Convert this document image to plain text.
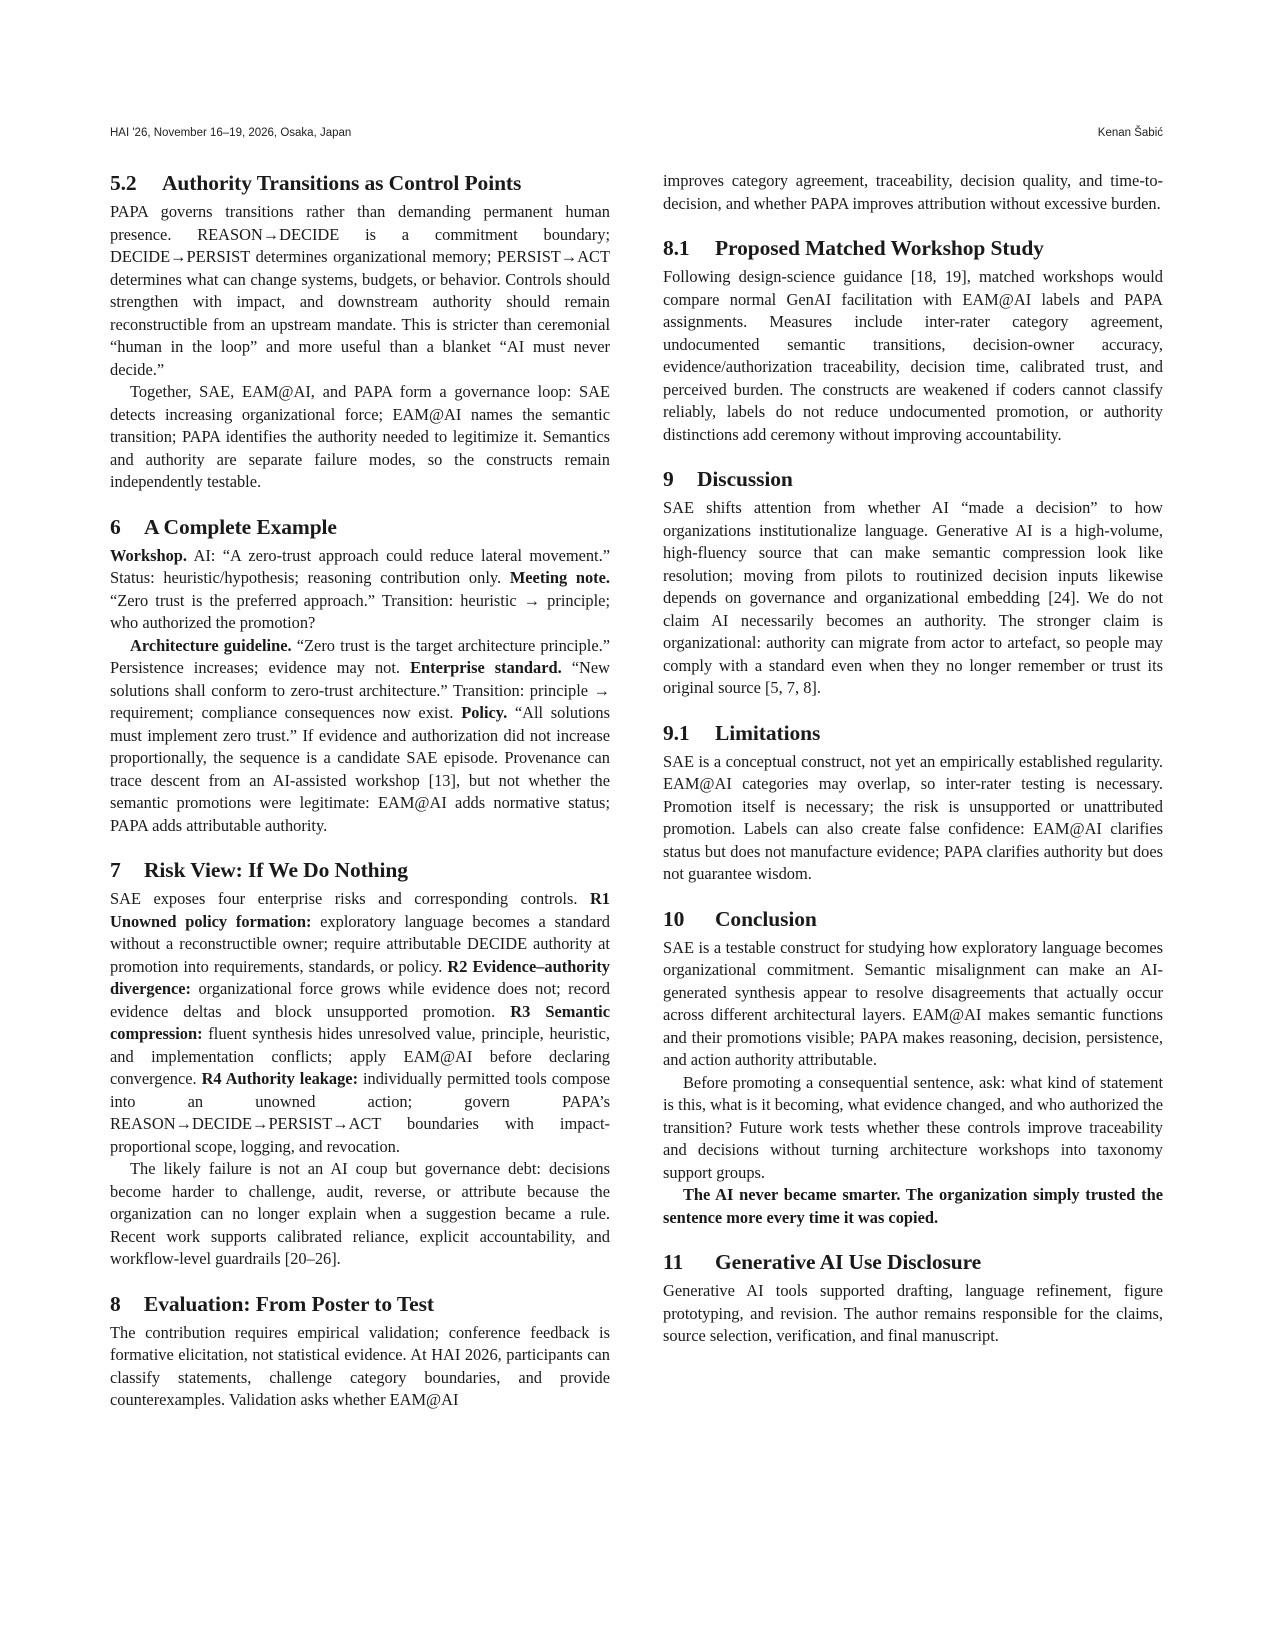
HAI '26, November 16–19, 2026, Osaka, Japan	Kenan Šabić
5.2 Authority Transitions as Control Points

PAPA governs transitions rather than demanding permanent human presence. REASON→DECIDE is a commitment boundary; DECIDE→PERSIST determines organizational memory; PERSIST→ACT determines what can change systems, budgets, or behavior. Controls should strengthen with impact, and downstream authority should remain reconstructible from an upstream mandate. This is stricter than ceremonial “human in the loop” and more useful than a blanket “AI must never decide.”

Together, SAE, EAM@AI, and PAPA form a governance loop: SAE detects increasing organizational force; EAM@AI names the semantic transition; PAPA identifies the authority needed to legitimize it. Semantics and authority are separate failure modes, so the constructs remain independently testable.

6 A Complete Example

Workshop. AI: “A zero-trust approach could reduce lateral movement.” Status: heuristic/hypothesis; reasoning contribution only. Meeting note. “Zero trust is the preferred approach.” Transition: heuristic → principle; who authorized the promotion?

Architecture guideline. “Zero trust is the target architecture principle.” Persistence increases; evidence may not. Enterprise standard. “New solutions shall conform to zero-trust architecture.” Transition: principle → requirement; compliance consequences now exist. Policy. “All solutions must implement zero trust.” If evidence and authorization did not increase proportionally, the sequence is a candidate SAE episode. Provenance can trace descent from an AI-assisted workshop [13], but not whether the semantic promotions were legitimate: EAM@AI adds normative status; PAPA adds attributable authority.

7 Risk View: If We Do Nothing

SAE exposes four enterprise risks and corresponding controls. R1 Unowned policy formation: exploratory language becomes a standard without a reconstructible owner; require attributable DECIDE authority at promotion into requirements, standards, or policy. R2 Evidence–authority divergence: organizational force grows while evidence does not; record evidence deltas and block unsupported promotion. R3 Semantic compression: fluent synthesis hides unresolved value, principle, heuristic, and implementation conflicts; apply EAM@AI before declaring convergence. R4 Authority leakage: individually permitted tools compose into an unowned action; govern PAPA’s REASON→DECIDE→PERSIST→ACT boundaries with impact-proportional scope, logging, and revocation.

The likely failure is not an AI coup but governance debt: decisions become harder to challenge, audit, reverse, or attribute because the organization can no longer explain when a suggestion became a rule. Recent work supports calibrated reliance, explicit accountability, and workflow-level guardrails [20–26].

8 Evaluation: From Poster to Test

The contribution requires empirical validation; conference feedback is formative elicitation, not statistical evidence. At HAI 2026, participants can classify statements, challenge category boundaries, and provide counterexamples. Validation asks whether EAM@AI

improves category agreement, traceability, decision quality, and time-to-decision, and whether PAPA improves attribution without excessive burden.

8.1 Proposed Matched Workshop Study

Following design-science guidance [18, 19], matched workshops would compare normal GenAI facilitation with EAM@AI labels and PAPA assignments. Measures include inter-rater category agreement, undocumented semantic transitions, decision-owner accuracy, evidence/authorization traceability, decision time, calibrated trust, and perceived burden. The constructs are weakened if coders cannot classify reliably, labels do not reduce undocumented promotion, or authority distinctions add ceremony without improving accountability.

9 Discussion

SAE shifts attention from whether AI “made a decision” to how organizations institutionalize language. Generative AI is a high-volume, high-fluency source that can make semantic compression look like resolution; moving from pilots to routinized decision inputs likewise depends on governance and organizational embedding [24]. We do not claim AI necessarily becomes an authority. The stronger claim is organizational: authority can migrate from actor to artefact, so people may comply with a standard even when they no longer remember or trust its original source [5, 7, 8].

9.1 Limitations

SAE is a conceptual construct, not yet an empirically established regularity. EAM@AI categories may overlap, so inter-rater testing is necessary. Promotion itself is necessary; the risk is unsupported or unattributed promotion. Labels can also create false confidence: EAM@AI clarifies status but does not manufacture evidence; PAPA clarifies authority but does not guarantee wisdom.

10 Conclusion

SAE is a testable construct for studying how exploratory language becomes organizational commitment. Semantic misalignment can make an AI-generated synthesis appear to resolve disagreements that actually occur across different architectural layers. EAM@AI makes semantic functions and their promotions visible; PAPA makes reasoning, decision, persistence, and action authority attributable.

Before promoting a consequential sentence, ask: what kind of statement is this, what is it becoming, what evidence changed, and who authorized the transition? Future work tests whether these controls improve traceability and decisions without turning architecture workshops into taxonomy support groups.

The AI never became smarter. The organization simply trusted the sentence more every time it was copied.

11 Generative AI Use Disclosure

Generative AI tools supported drafting, language refinement, figure prototyping, and revision. The author remains responsible for the claims, source selection, verification, and final manuscript.
